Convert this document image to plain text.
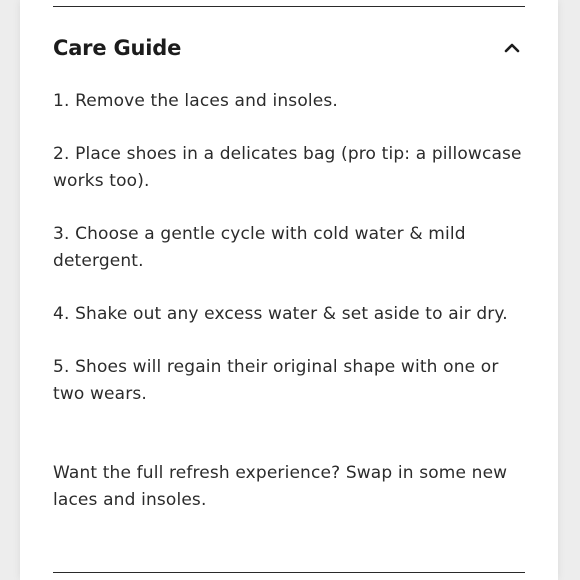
Care Guide

1. Remove the laces and insoles.

2. Place shoes in a delicates bag (pro tip: a pillowcase works too).

3. Choose a gentle cycle with cold water & mild detergent.

4. Shake out any excess water & set aside to air dry.

5. Shoes will regain their original shape with one or two wears.

Want the full refresh experience? Swap in some new laces and insoles.
